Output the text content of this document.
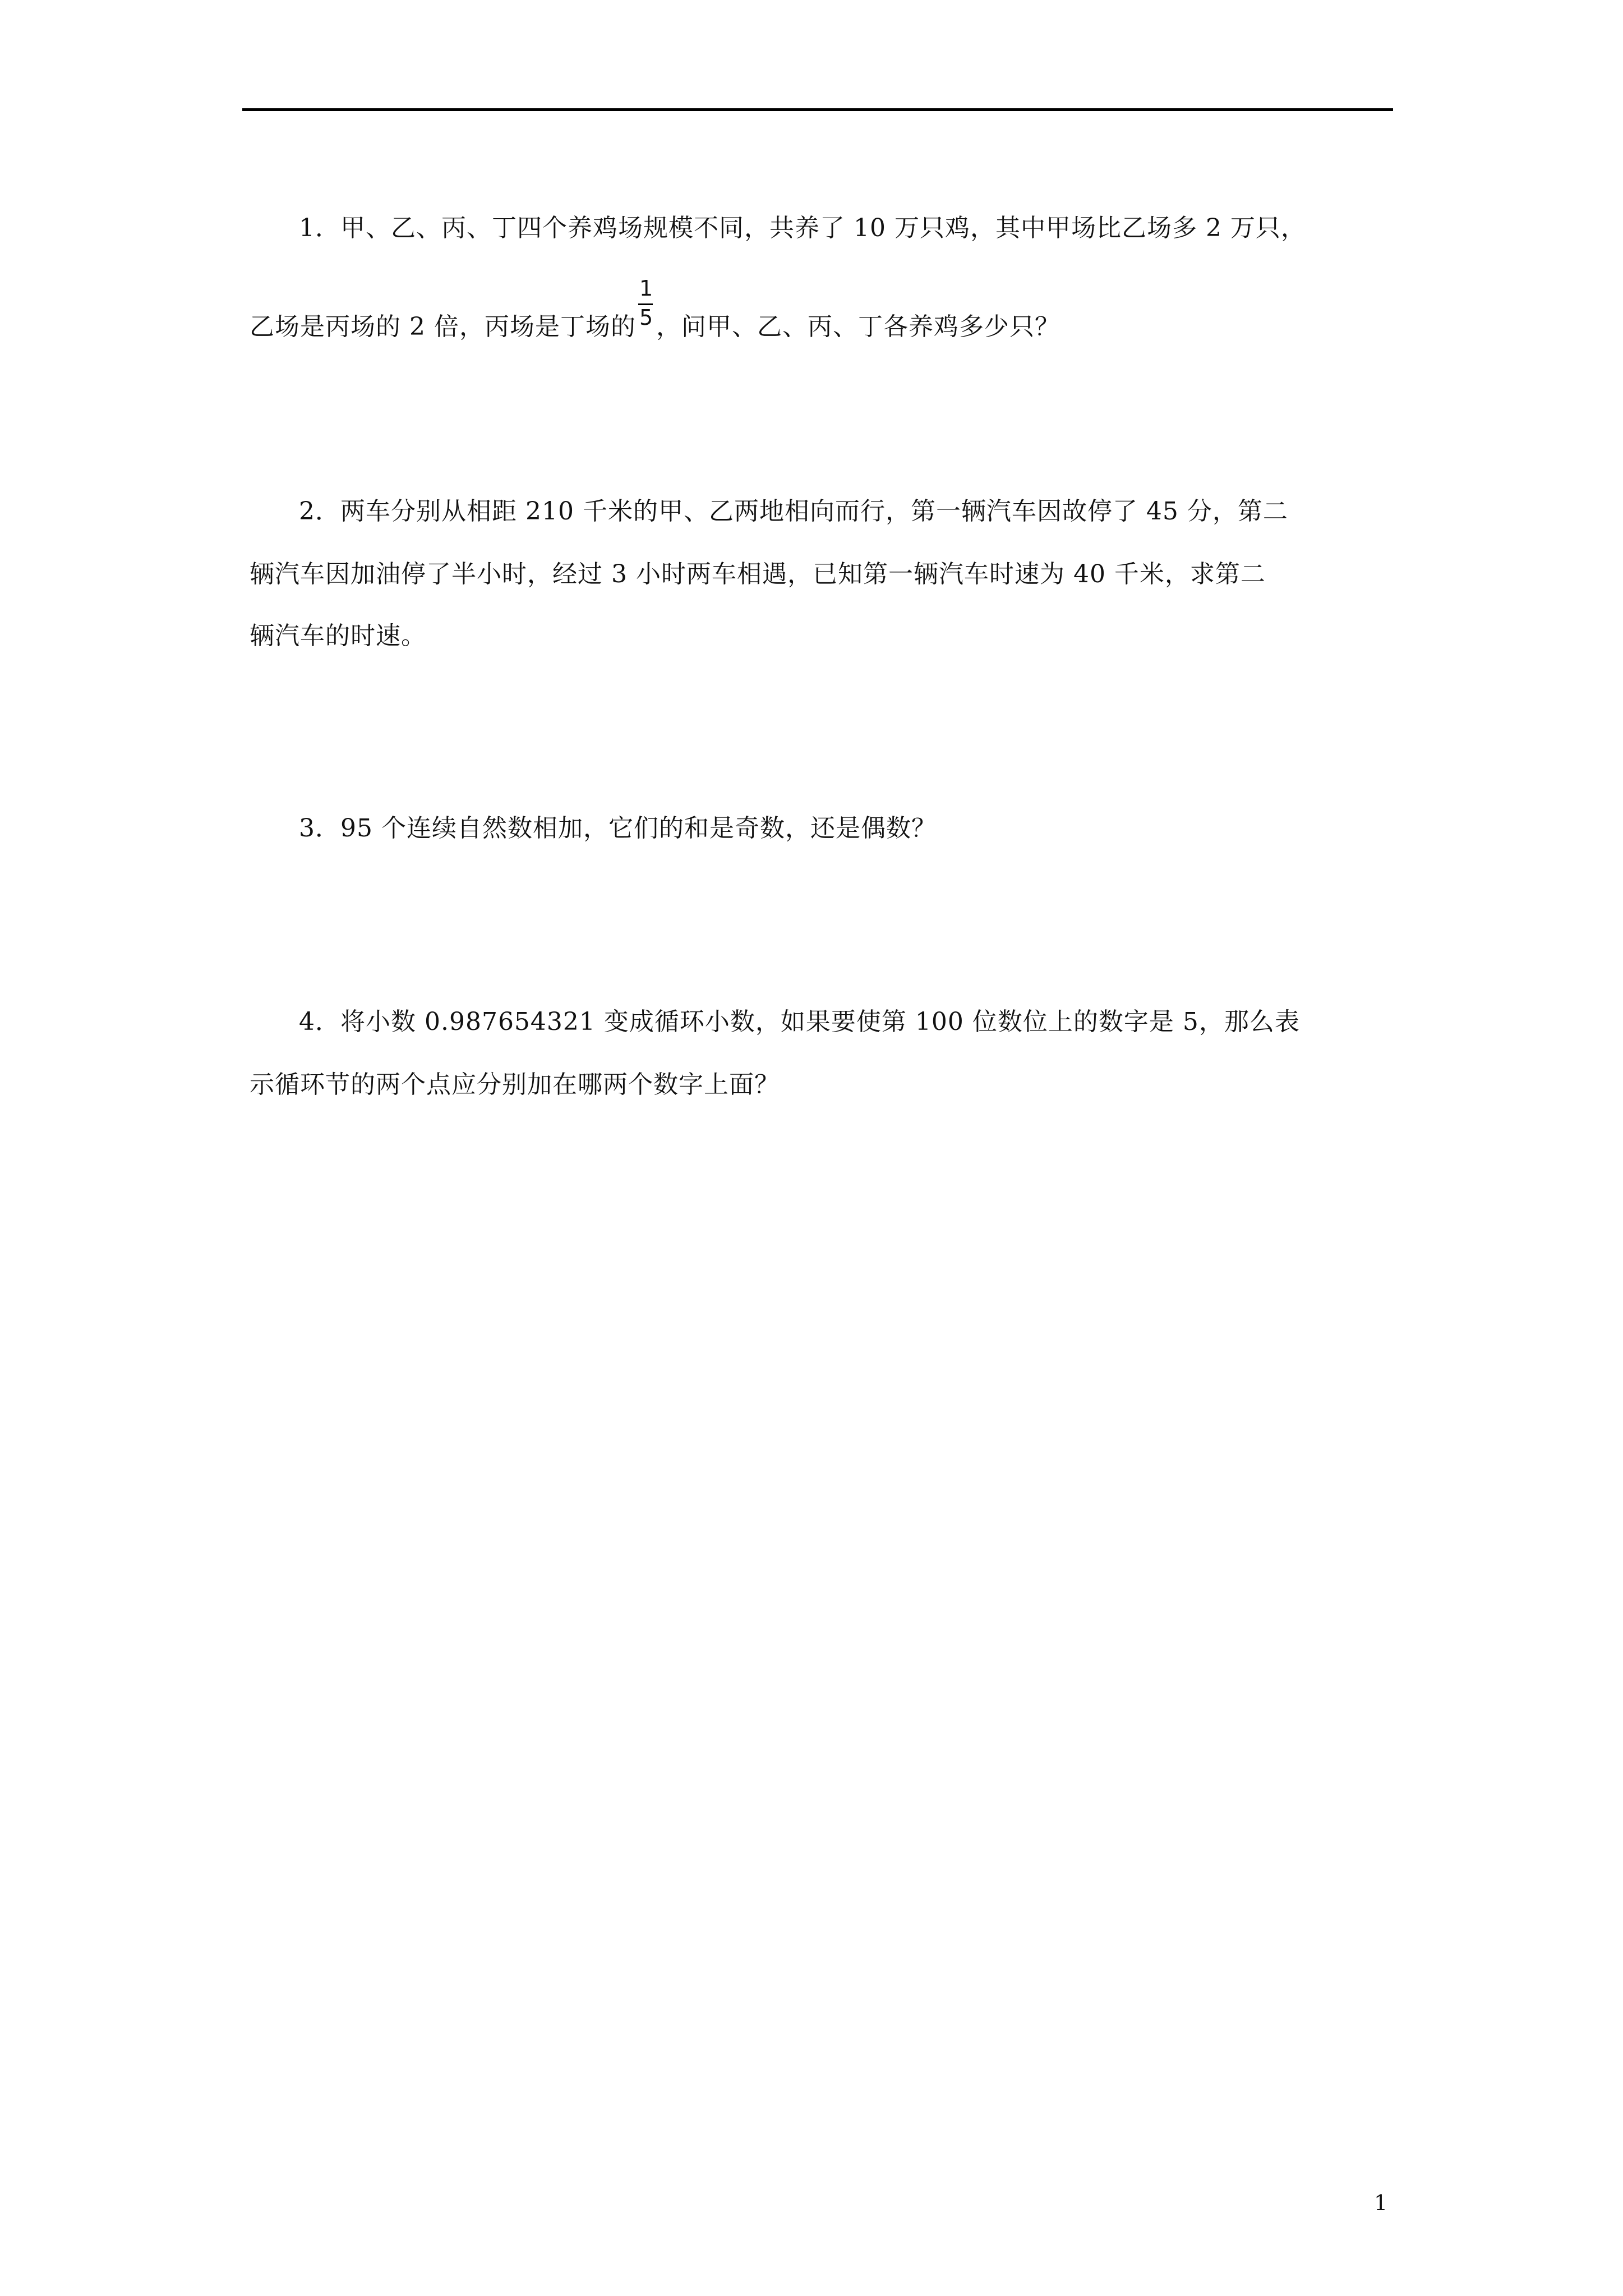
1．甲、乙、丙、丁四个养鸡场规模不同，共养了 10 万只鸡，其中甲场比乙场多 2 万只，
乙场是丙场的 2 倍，丙场是丁场的 $\frac{1}{5}$ ，问甲、乙、丙、丁各养鸡多少只？
2．两车分别从相距 210 千米的甲、乙两地相向而行，第一辆汽车因故停了 45 分，第二
辆汽车因加油停了半小时，经过 3 小时两车相遇，已知第一辆汽车时速为 40 千米，求第二
辆汽车的时速。
3．95 个连续自然数相加，它们的和是奇数，还是偶数？
4．将小数 0.987654321 变成循环小数，如果要使第 100 位数位上的数字是 5，那么表
示循环节的两个点应分别加在哪两个数字上面？
1
